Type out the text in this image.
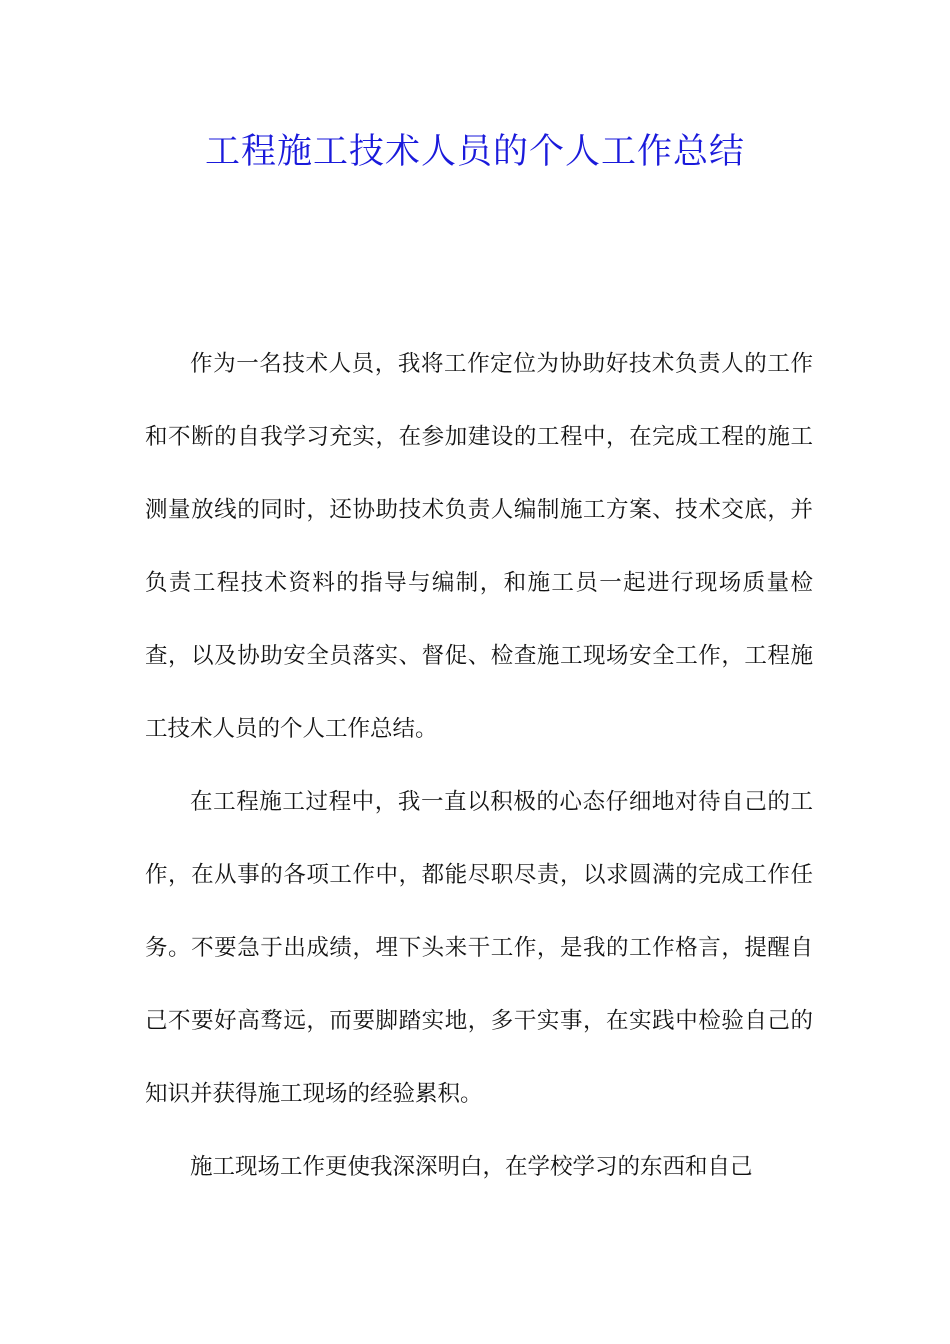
工程施工技术人员的个人工作总结

作为一名技术人员，我将工作定位为协助好技术负责人的工作和不断的自我学习充实，在参加建设的工程中，在完成工程的施工测量放线的同时，还协助技术负责人编制施工方案、技术交底，并负责工程技术资料的指导与编制，和施工员一起进行现场质量检查，以及协助安全员落实、督促、检查施工现场安全工作，工程施工技术人员的个人工作总结。

在工程施工过程中，我一直以积极的心态仔细地对待自己的工作，在从事的各项工作中，都能尽职尽责，以求圆满的完成工作任务。不要急于出成绩，埋下头来干工作，是我的工作格言，提醒自己不要好高骛远，而要脚踏实地，多干实事，在实践中检验自己的知识并获得施工现场的经验累积。

施工现场工作更使我深深明白，在学校学习的东西和自己
